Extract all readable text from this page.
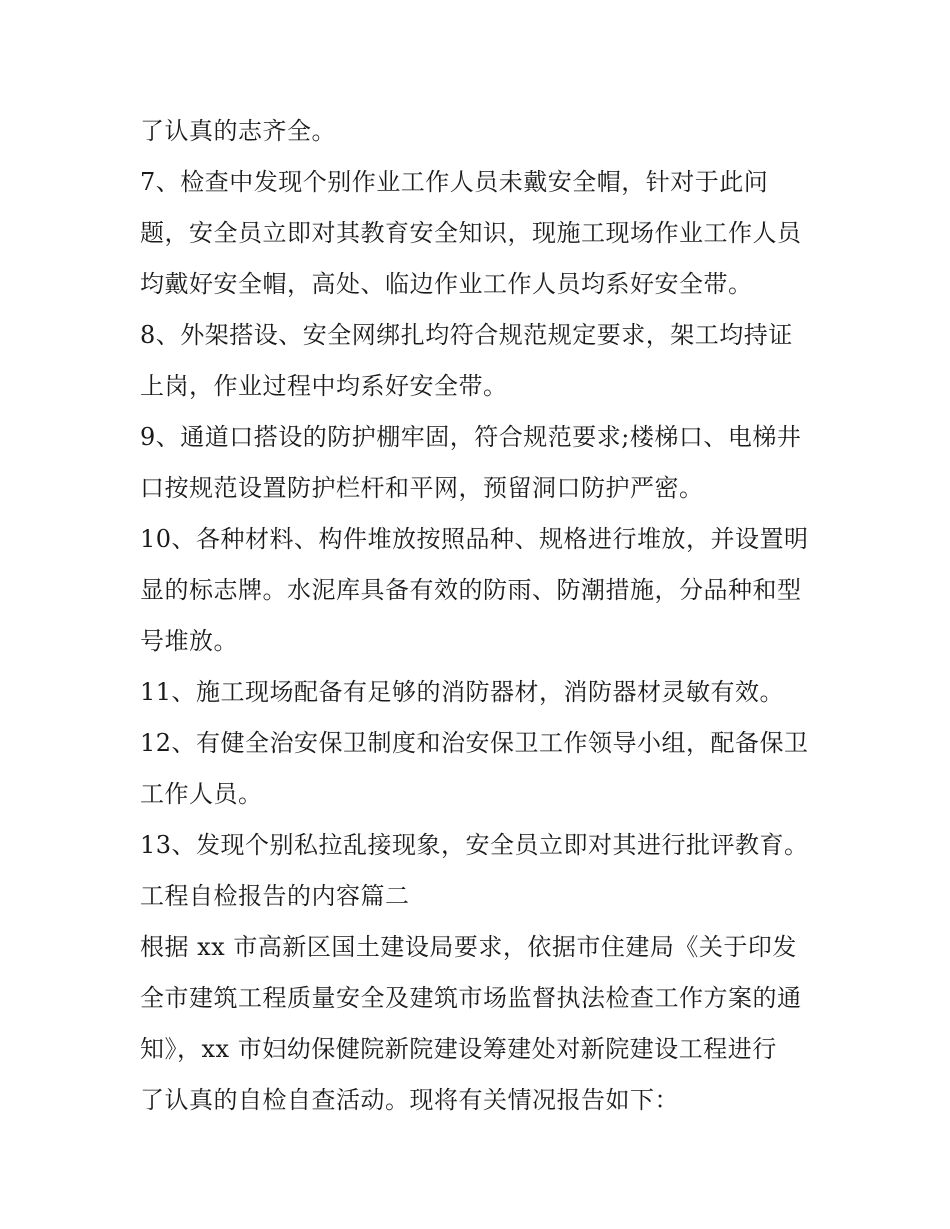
了认真的志齐全。
7、检查中发现个别作业工作人员未戴安全帽，针对于此问
题，安全员立即对其教育安全知识，现施工现场作业工作人员
均戴好安全帽，高处、临边作业工作人员均系好安全带。
8、外架搭设、安全网绑扎均符合规范规定要求，架工均持证
上岗，作业过程中均系好安全带。
9、通道口搭设的防护棚牢固，符合规范要求;楼梯口、电梯井
口按规范设置防护栏杆和平网，预留洞口防护严密。
10、各种材料、构件堆放按照品种、规格进行堆放，并设置明
显的标志牌。水泥库具备有效的防雨、防潮措施，分品种和型
号堆放。
11、施工现场配备有足够的消防器材，消防器材灵敏有效。
12、有健全治安保卫制度和治安保卫工作领导小组，配备保卫
工作人员。
13、发现个别私拉乱接现象，安全员立即对其进行批评教育。
工程自检报告的内容篇二
根据 xx 市高新区国土建设局要求，依据市住建局《关于印发
全市建筑工程质量安全及建筑市场监督执法检查工作方案的通
知》，xx 市妇幼保健院新院建设筹建处对新院建设工程进行
了认真的自检自查活动。现将有关情况报告如下：
